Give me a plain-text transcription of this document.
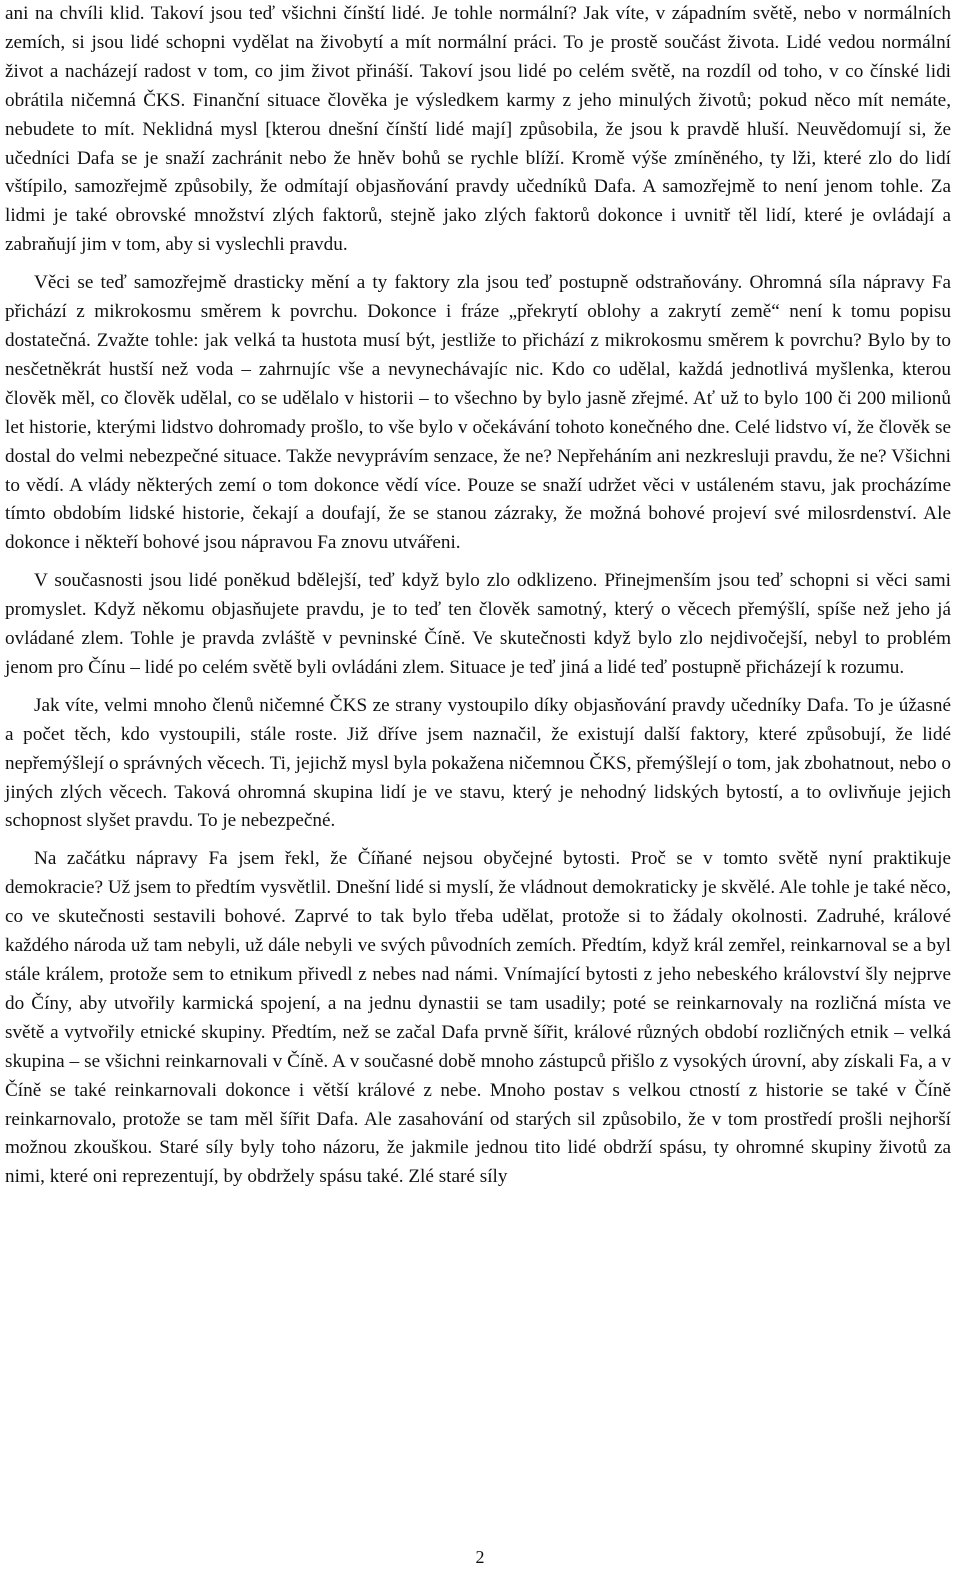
ani na chvíli klid. Takoví jsou teď všichni čínští lidé. Je tohle normální? Jak víte, v západním světě, nebo v normálních zemích, si jsou lidé schopni vydělat na živobytí a mít normální práci. To je prostě součást života. Lidé vedou normální život a nacházejí radost v tom, co jim život přináší. Takoví jsou lidé po celém světě, na rozdíl od toho, v co čínské lidi obrátila ničemná ČKS. Finanční situace člověka je výsledkem karmy z jeho minulých životů; pokud něco mít nemáte, nebudete to mít. Neklidná mysl [kterou dnešní čínští lidé mají] způsobila, že jsou k pravdě hluší. Neuvědomují si, že učedníci Dafa se je snaží zachránit nebo že hněv bohů se rychle blíží. Kromě výše zmíněného, ty lži, které zlo do lidí vštípilo, samozřejmě způsobily, že odmítají objasňování pravdy učedníků Dafa. A samozřejmě to není jenom tohle. Za lidmi je také obrovské množství zlých faktorů, stejně jako zlých faktorů dokonce i uvnitř těl lidí, které je ovládají a zabraňují jim v tom, aby si vyslechli pravdu.

Věci se teď samozřejmě drasticky mění a ty faktory zla jsou teď postupně odstraňovány. Ohromná síla nápravy Fa přichází z mikrokosmu směrem k povrchu. Dokonce i fráze „překrytí oblohy a zakrytí země“ není k tomu popisu dostatečná. Zvažte tohle: jak velká ta hustota musí být, jestliže to přichází z mikrokosmu směrem k povrchu? Bylo by to nesčetněkrát hustší než voda – zahrnujíc vše a nevynechávajíc nic. Kdo co udělal, každá jednotlivá myšlenka, kterou člověk měl, co člověk udělal, co se udělalo v historii – to všechno by bylo jasně zřejmé. Ať už to bylo 100 či 200 milionů let historie, kterými lidstvo dohromady prošlo, to vše bylo v očekávání tohoto konečného dne. Celé lidstvo ví, že člověk se dostal do velmi nebezpečné situace. Takže nevyprávím senzace, že ne? Nepřeháním ani nezkresluji pravdu, že ne? Všichni to vědí. A vlády některých zemí o tom dokonce vědí více. Pouze se snaží udržet věci v ustáleném stavu, jak procházíme tímto obdobím lidské historie, čekají a doufají, že se stanou zázraky, že možná bohové projeví své milosrdenství. Ale dokonce i někteří bohové jsou nápravou Fa znovu utvářeni.

V současnosti jsou lidé poněkud bdělejší, teď když bylo zlo odklizeno. Přinejmenším jsou teď schopni si věci sami promyslet. Když někomu objasňujete pravdu, je to teď ten člověk samotný, který o věcech přemýšlí, spíše než jeho já ovládané zlem. Tohle je pravda zvláště v pevninské Číně. Ve skutečnosti když bylo zlo nejdivočejší, nebyl to problém jenom pro Čínu – lidé po celém světě byli ovládáni zlem. Situace je teď jiná a lidé teď postupně přicházejí k rozumu.

Jak víte, velmi mnoho členů ničemné ČKS ze strany vystoupilo díky objasňování pravdy učedníky Dafa. To je úžasné a počet těch, kdo vystoupili, stále roste. Již dříve jsem naznačil, že existují další faktory, které způsobují, že lidé nepřemýšlejí o správných věcech. Ti, jejichž mysl byla pokažena ničemnou ČKS, přemýšlejí o tom, jak zbohatnout, nebo o jiných zlých věcech. Taková ohromná skupina lidí je ve stavu, který je nehodný lidských bytostí, a to ovlivňuje jejich schopnost slyšet pravdu. To je nebezpečné.

Na začátku nápravy Fa jsem řekl, že Číňané nejsou obyčejné bytosti. Proč se v tomto světě nyní praktikuje demokracie? Už jsem to předtím vysvětlil. Dnešní lidé si myslí, že vládnout demokraticky je skvělé. Ale tohle je také něco, co ve skutečnosti sestavili bohové. Zaprvé to tak bylo třeba udělat, protože si to žádaly okolnosti. Zadruhé, králové každého národa už tam nebyli, už dále nebyli ve svých původních zemích. Předtím, když král zemřel, reinkarnoval se a byl stále králem, protože sem to etnikum přivedl z nebes nad námi. Vnímající bytosti z jeho nebeského království šly nejprve do Číny, aby utvořily karmická spojení, a na jednu dynastii se tam usadily; poté se reinkarnovaly na rozličná místa ve světě a vytvořily etnické skupiny. Předtím, než se začal Dafa prvně šířit, králové různých období rozličných etnik – velká skupina – se všichni reinkarnovali v Číně. A v současné době mnoho zástupců přišlo z vysokých úrovní, aby získali Fa, a v Číně se také reinkarnovali dokonce i větší králové z nebe. Mnoho postav s velkou ctností z historie se také v Číně reinkarnovalo, protože se tam měl šířit Dafa. Ale zasahování od starých sil způsobilo, že v tom prostředí prošli nejhorší možnou zkouškou. Staré síly byly toho názoru, že jakmile jednou tito lidé obdrží spásu, ty ohromné skupiny životů za nimi, které oni reprezentují, by obdržely spásu také. Zlé staré síly

2
